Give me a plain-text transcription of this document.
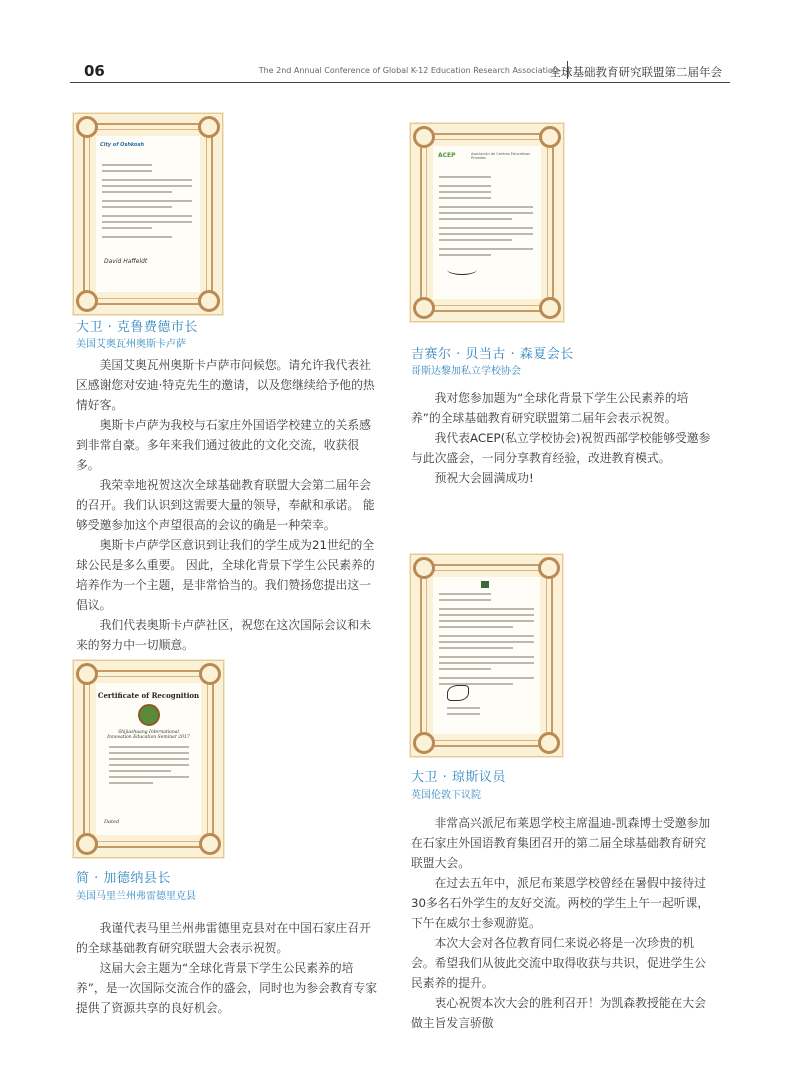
06	The 2nd Annual Conference of Global K-12 Education Research Association
全球基础教育研究联盟第二届年会
City of Oshkosh
David Haffeldt
大卫 · 克鲁费德市长
美国艾奥瓦州奥斯卡卢萨

美国艾奥瓦州奥斯卡卢萨市问候您。请允许我代表社区感谢您对安迪·特克先生的邀请，以及您继续给予他的热情好客。

奥斯卡卢萨为我校与石家庄外国语学校建立的关系感到非常自豪。多年来我们通过彼此的文化交流，收获很多。

我荣幸地祝贺这次全球基础教育联盟大会第二届年会的召开。我们认识到这需要大量的领导，奉献和承诺。 能够受邀参加这个声望很高的会议的确是一种荣幸。

奥斯卡卢萨学区意识到让我们的学生成为21世纪的全球公民是多么重要。 因此，全球化背景下学生公民素养的培养作为一个主题，是非常恰当的。我们赞扬您提出这一倡议。

我们代表奥斯卡卢萨社区，祝您在这次国际会议和未来的努力中一切顺意。

ACEP	Asociación de Centros Educativos Privados
吉赛尔 · 贝当古 · 森夏会长
哥斯达黎加私立学校协会

我对您参加题为“全球化背景下学生公民素养的培养”的全球基础教育研究联盟第二届年会表示祝贺。

我代表ACEP(私立学校协会)祝贺西部学校能够受邀参与此次盛会，一同分享教育经验，改进教育模式。

预祝大会圆满成功!

Certificate of Recognition
Shijiazhuang International
Innovation Education Seminar 2017
Dated
简 · 加德纳县长
美国马里兰州弗雷德里克县

我谨代表马里兰州弗雷德里克县对在中国石家庄召开的全球基础教育研究联盟大会表示祝贺。

这届大会主题为“全球化背景下学生公民素养的培养”，是一次国际交流合作的盛会，同时也为参会教育专家提供了资源共享的良好机会。

大卫 · 琼斯议员
英国伦敦下议院

非常高兴派尼布莱恩学校主席温迪-凯森博士受邀参加在石家庄外国语教育集团召开的第二届全球基础教育研究联盟大会。

在过去五年中，派尼布莱恩学校曾经在暑假中接待过30多名石外学生的友好交流。两校的学生上午一起听课，下午在威尔士参观游览。

本次大会对各位教育同仁来说必将是一次珍贵的机会。希望我们从彼此交流中取得收获与共识，促进学生公民素养的提升。

衷心祝贺本次大会的胜利召开！为凯森教授能在大会做主旨发言骄傲
